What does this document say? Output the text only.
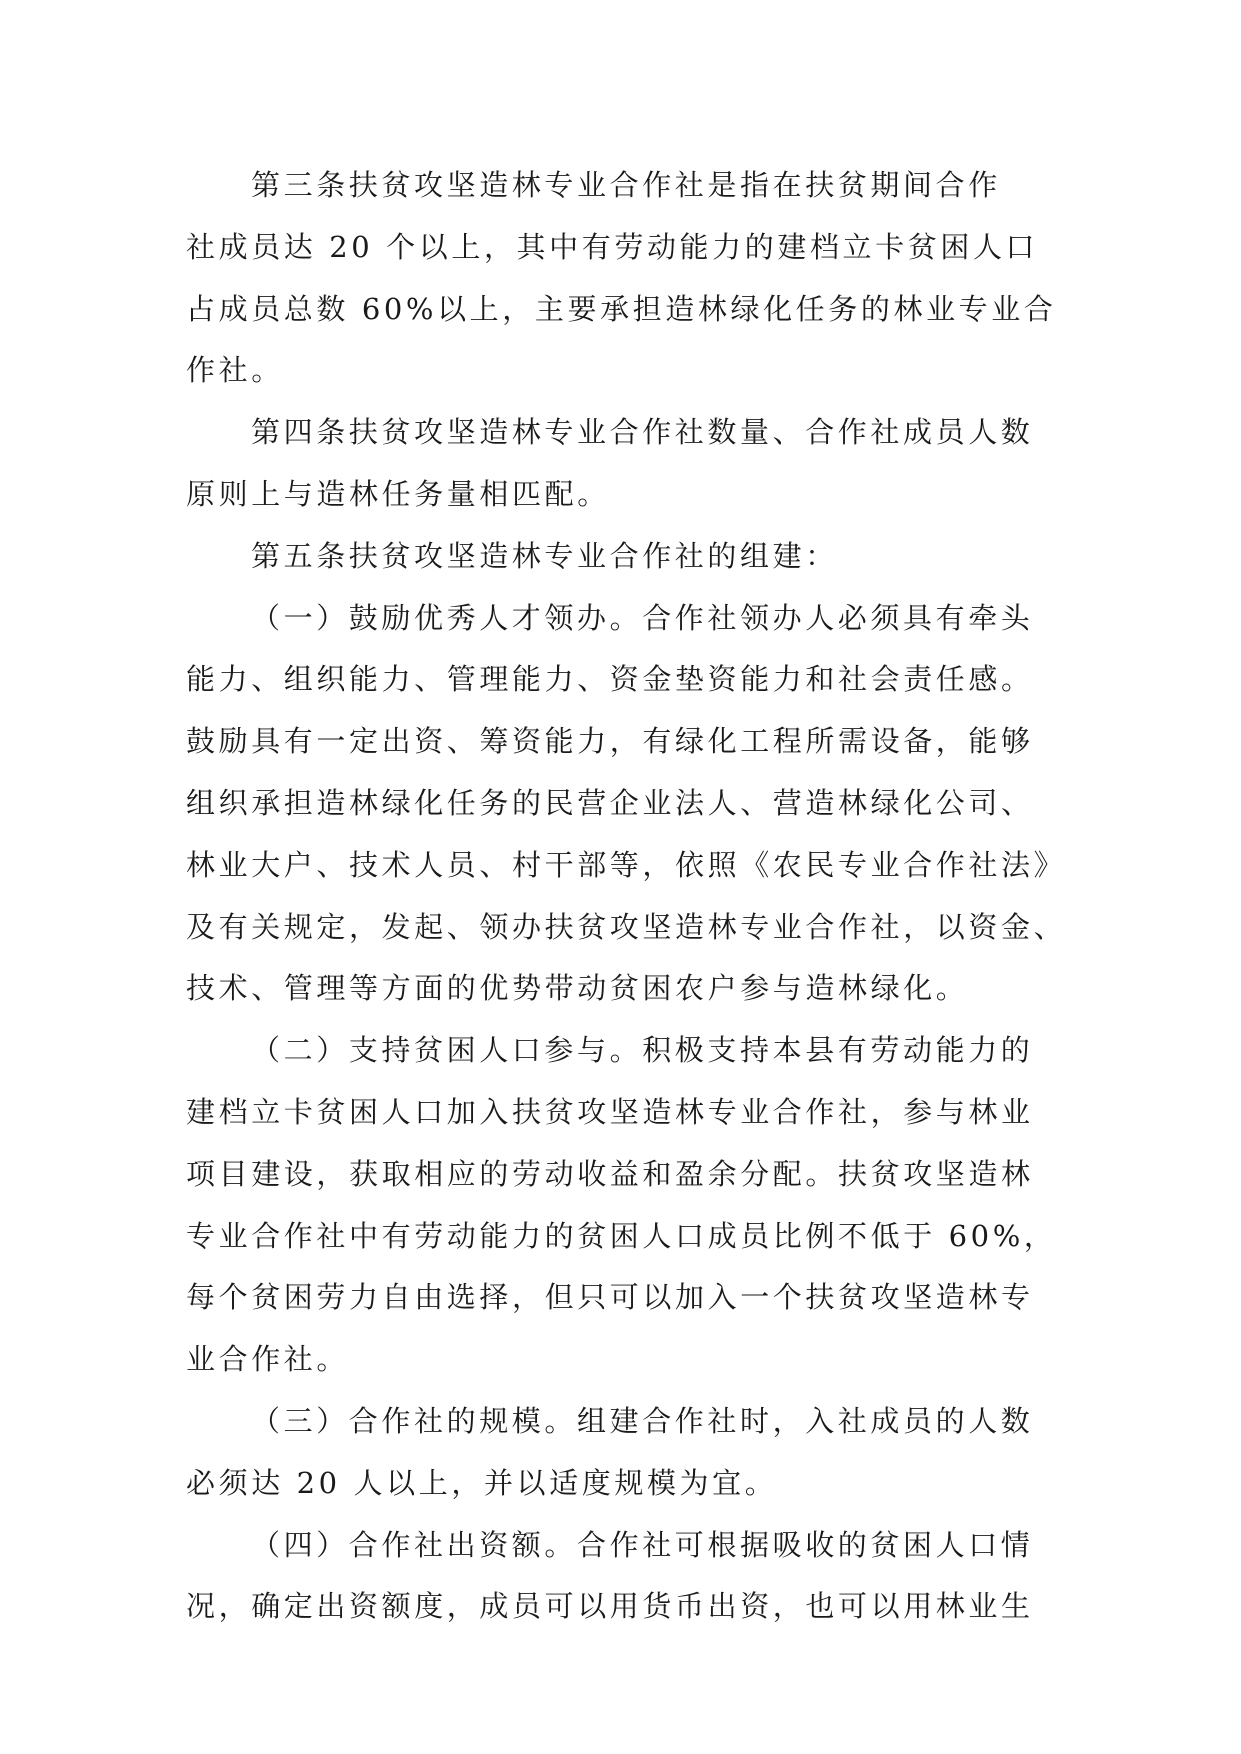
第三条扶贫攻坚造林专业合作社是指在扶贫期间合作
社成员达 20 个以上，其中有劳动能力的建档立卡贫困人口
占成员总数 60%以上，主要承担造林绿化任务的林业专业合
作社。

第四条扶贫攻坚造林专业合作社数量、合作社成员人数
原则上与造林任务量相匹配。

第五条扶贫攻坚造林专业合作社的组建：

（一）鼓励优秀人才领办。合作社领办人必须具有牵头
能力、组织能力、管理能力、资金垫资能力和社会责任感。
鼓励具有一定出资、筹资能力，有绿化工程所需设备，能够
组织承担造林绿化任务的民营企业法人、营造林绿化公司、
林业大户、技术人员、村干部等，依照《农民专业合作社法》
及有关规定，发起、领办扶贫攻坚造林专业合作社，以资金、
技术、管理等方面的优势带动贫困农户参与造林绿化。

（二）支持贫困人口参与。积极支持本县有劳动能力的
建档立卡贫困人口加入扶贫攻坚造林专业合作社，参与林业
项目建设，获取相应的劳动收益和盈余分配。扶贫攻坚造林
专业合作社中有劳动能力的贫困人口成员比例不低于 60%，
每个贫困劳力自由选择，但只可以加入一个扶贫攻坚造林专
业合作社。

（三）合作社的规模。组建合作社时，入社成员的人数
必须达 20 人以上，并以适度规模为宜。

（四）合作社出资额。合作社可根据吸收的贫困人口情
况，确定出资额度，成员可以用货币出资，也可以用林业生
